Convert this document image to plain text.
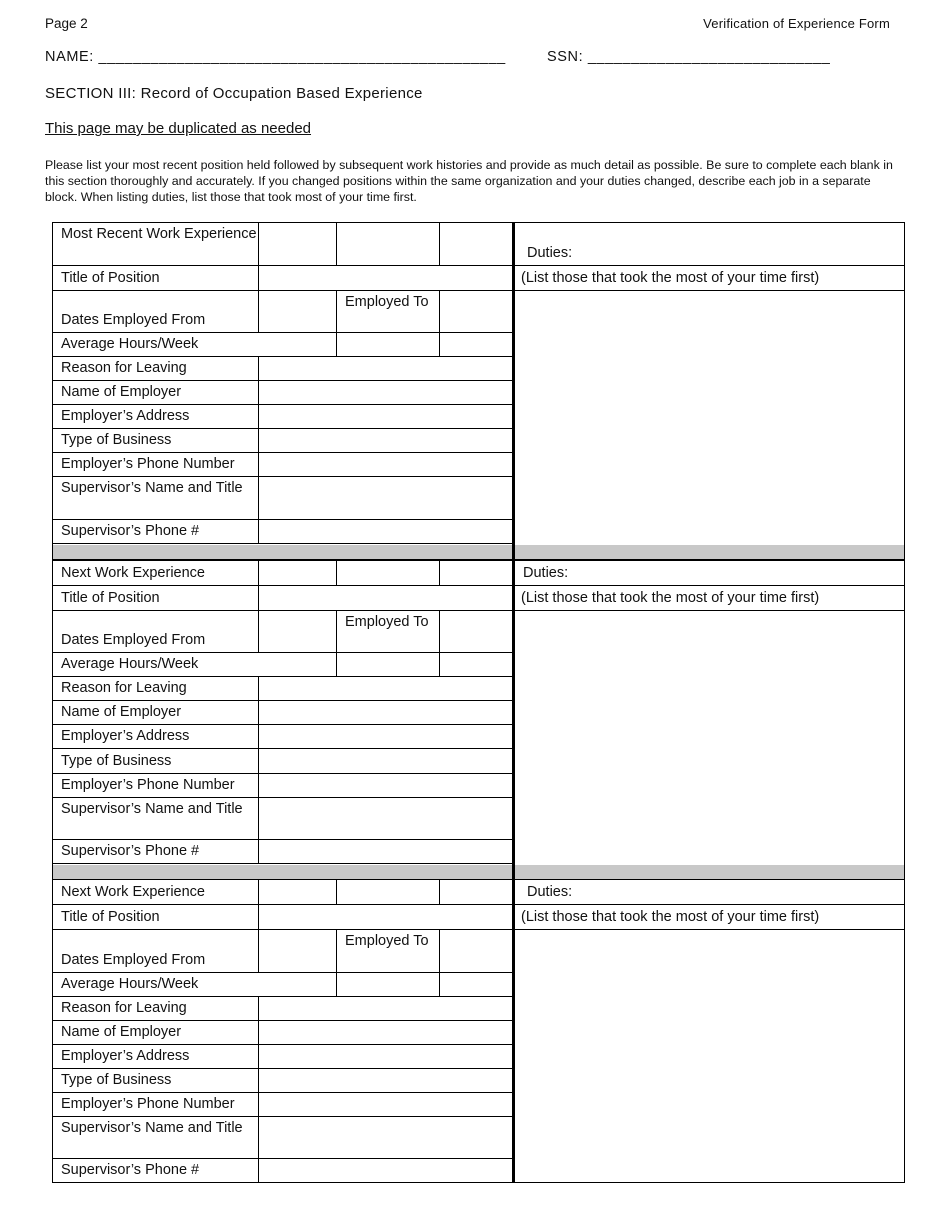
Page 2	Verification of Experience Form
NAME: _______________________________________________	SSN: ____________________________
SECTION III: Record of Occupation Based Experience
This page may be duplicated as needed
Please list your most recent position held followed by subsequent work histories and provide as much detail as possible. Be sure to complete each blank in this section thoroughly and accurately. If you changed positions within the same organization and your duties changed, describe each job in a separate block. When listing duties, list those that took most of your time first.
Most Recent Work Experience				Duties:
Title of Position				(List those that took the most of your time first)
Dates Employed From		Employed To		
Average Hours/Week				
Reason for Leaving				
Name of Employer				
Employer’s Address				
Type of Business				
Employer’s Phone Number				
Supervisor’s Name and Title				
Supervisor’s Phone #				

Next Work Experience				Duties:
Title of Position				(List those that took the most of your time first)
Dates Employed From		Employed To		
Average Hours/Week				
Reason for Leaving				
Name of Employer				
Employer’s Address				
Type of Business				
Employer’s Phone Number				
Supervisor’s Name and Title				
Supervisor’s Phone #				

Next Work Experience				Duties:
Title of Position				(List those that took the most of your time first)
Dates Employed From		Employed To		
Average Hours/Week				
Reason for Leaving				
Name of Employer				
Employer’s Address				
Type of Business				
Employer’s Phone Number				
Supervisor’s Name and Title				
Supervisor’s Phone #				
